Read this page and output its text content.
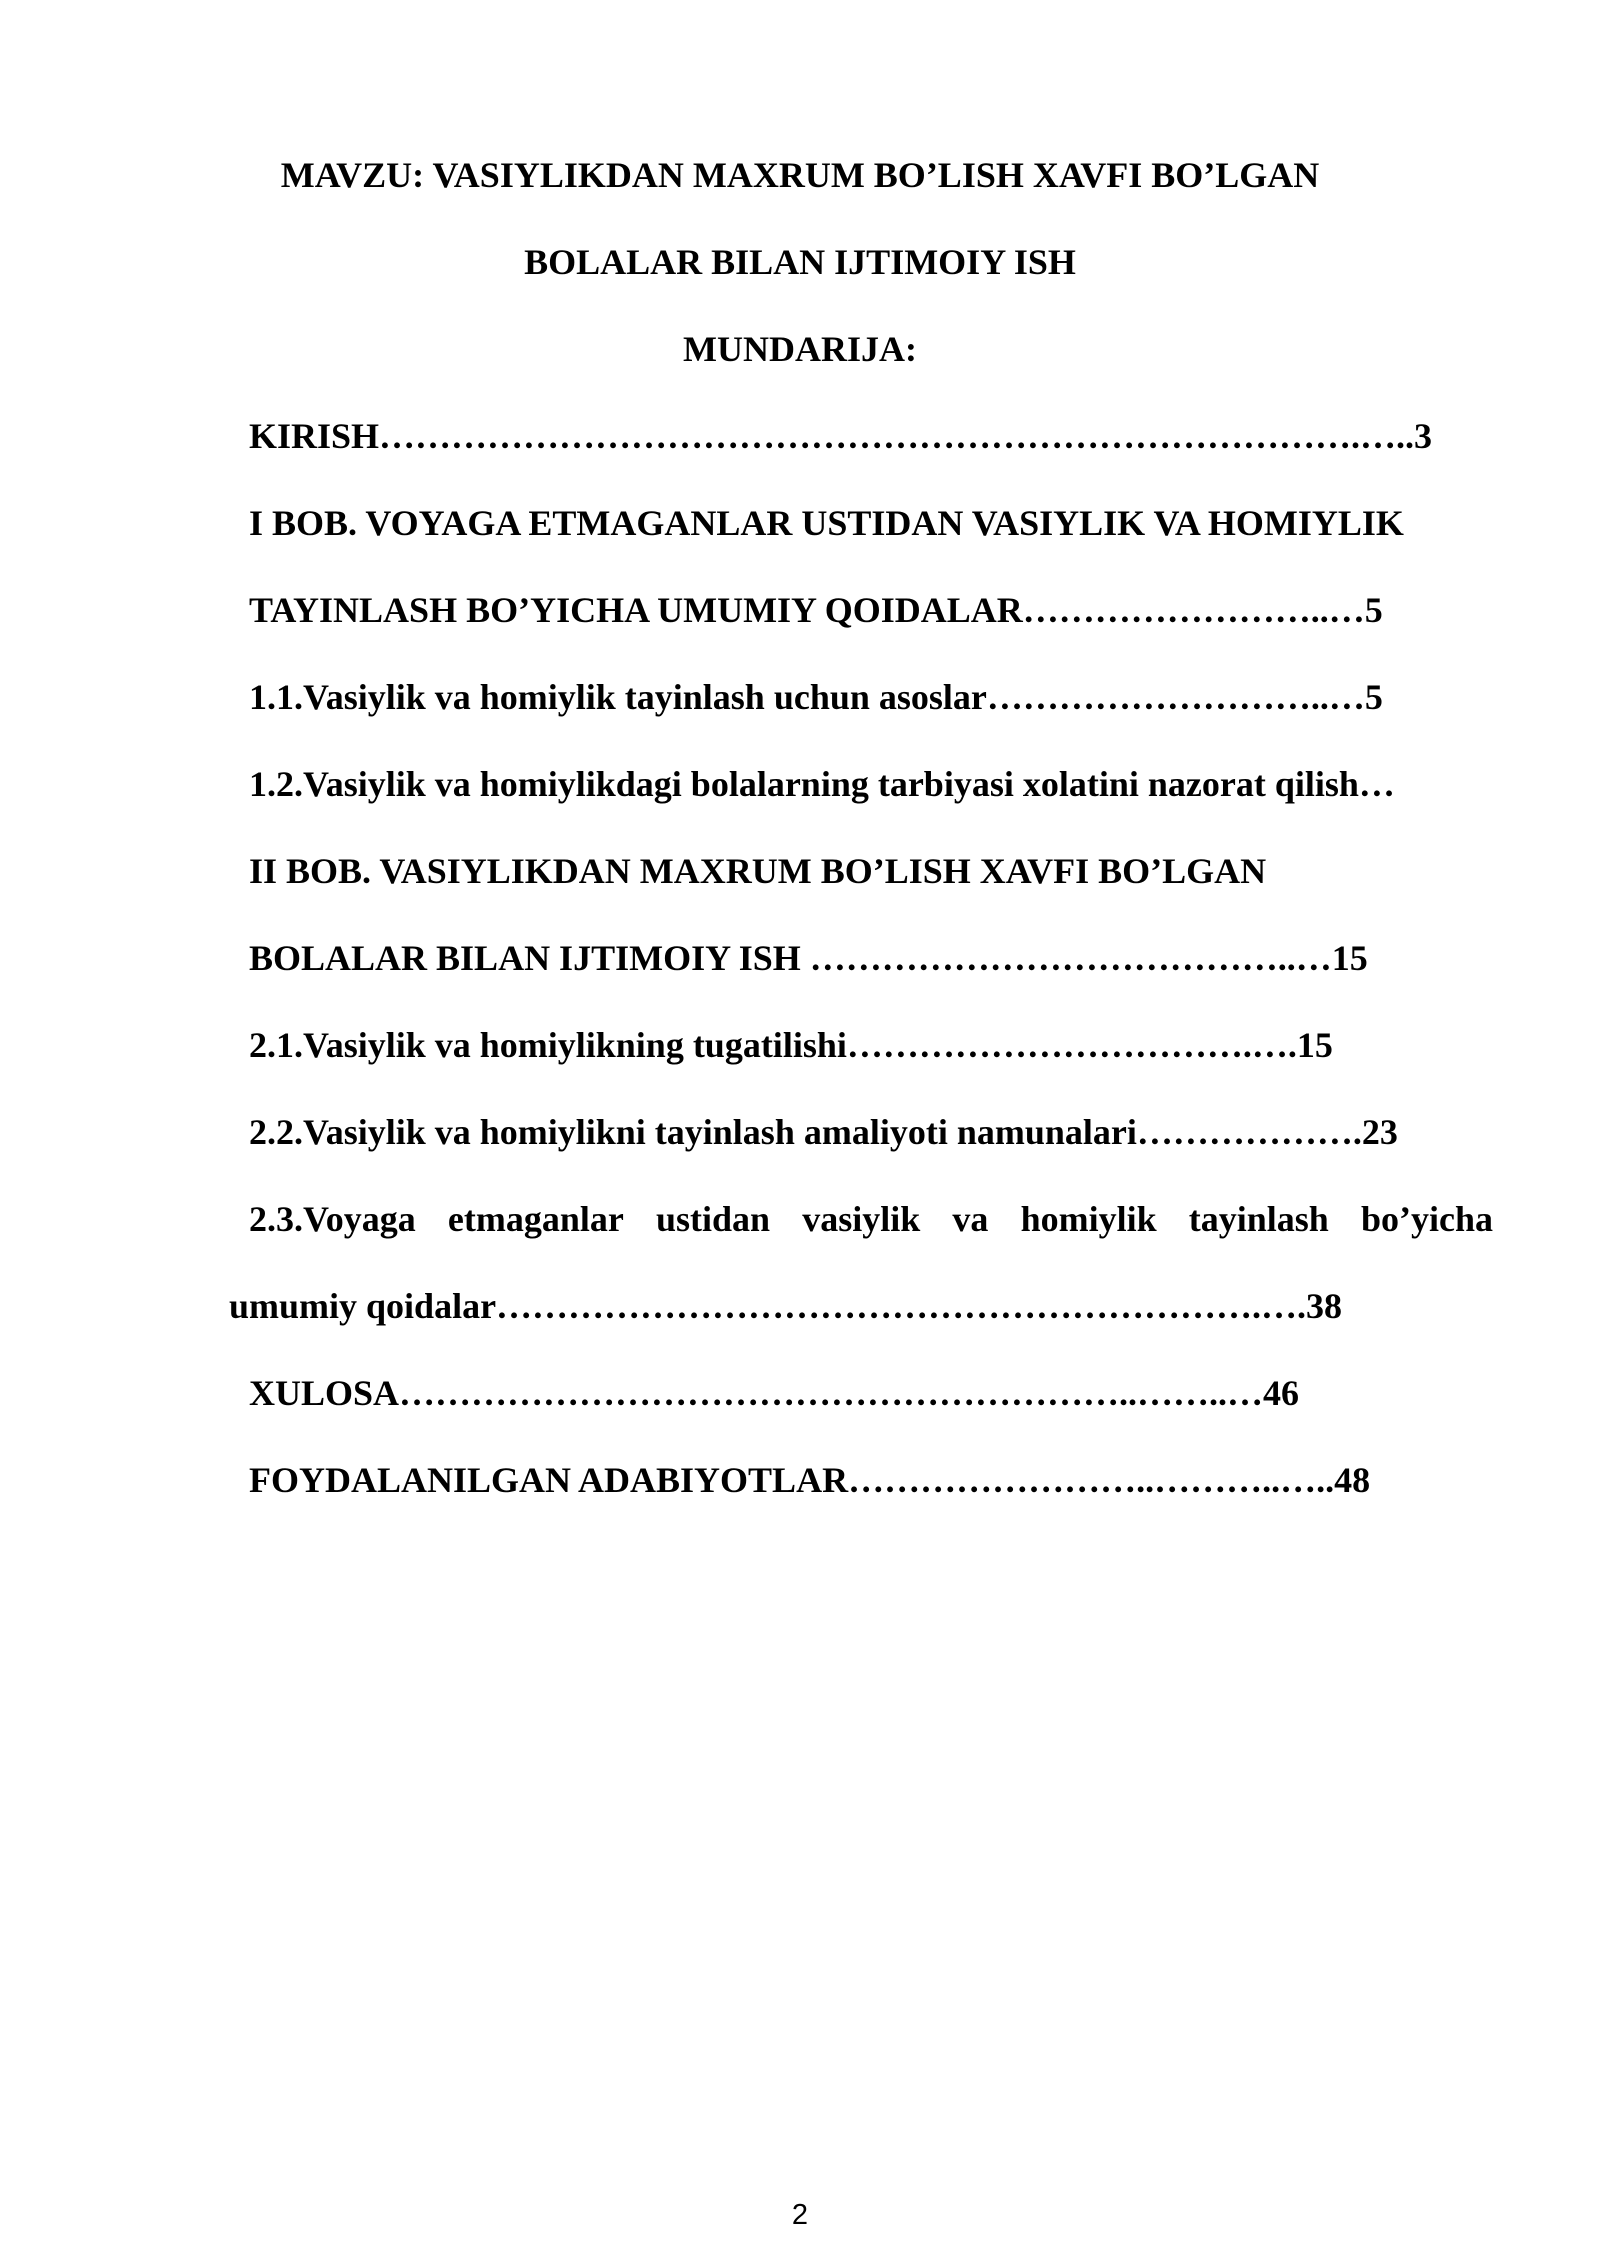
MAVZU: VASIYLIKDAN MAXRUM BO’LISH XAVFI BO’LGAN
BOLALAR BILAN IJTIMOIY ISH
MUNDARIJA:
KIRISH……………………………………………………………………….…..3
I BOB. VOYAGA ETMAGANLAR USTIDAN VASIYLIK VA HOMIYLIK
TAYINLASH BO’YICHA UMUMIY QOIDALAR……………………..…5
1.1.Vasiylik va homiylik tayinlash uchun asoslar………………………..…5
1.2.Vasiylik va homiylikdagi bolalarning tarbiyasi xolatini nazorat qilish…
II BOB. VASIYLIKDAN MAXRUM BO’LISH XAVFI BO’LGAN
BOLALAR BILAN IJTIMOIY ISH …………………………………..…15
2.1.Vasiylik va homiylikning tugatilishi…………………………….….15
2.2.Vasiylik va homiylikni tayinlash amaliyoti namunalari……………….23
2.3.Voyaga etmaganlar ustidan vasiylik va homiylik tayinlash bo’yicha
umumiy qoidalar……………………………………………………….….38
XULOSA……………………………………………………..……..…46
FOYDALANILGAN ADABIYOTLAR……………………..………..…..48
2
